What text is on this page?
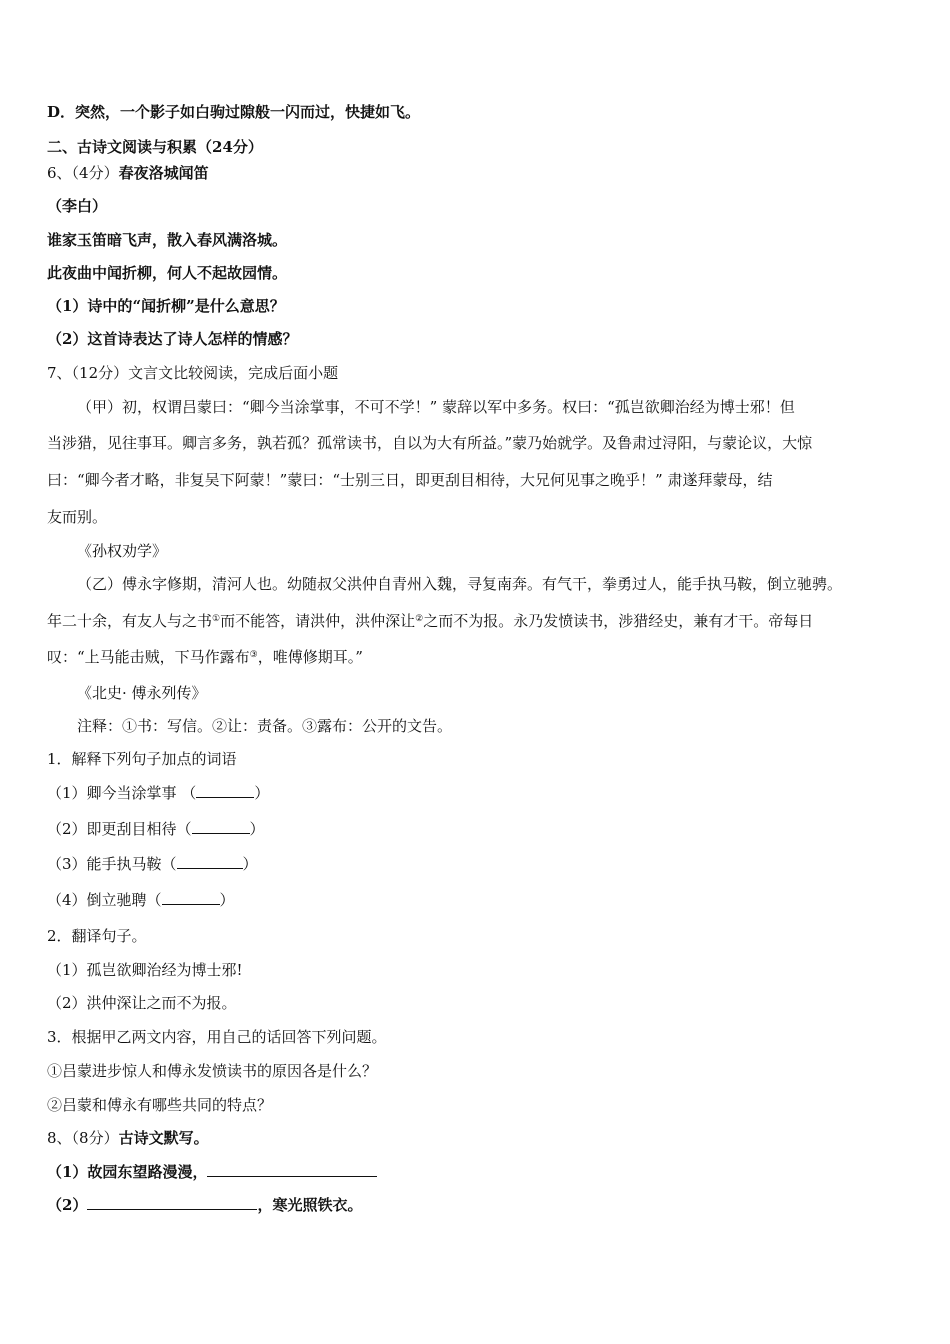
D．突然，一个影子如白驹过隙般一闪而过，快捷如飞。
二、古诗文阅读与积累（24分）
6、（4分）春夜洛城闻笛
（李白）
谁家玉笛暗飞声，散入春风满洛城。
此夜曲中闻折柳，何人不起故园情。
（1）诗中的“闻折柳”是什么意思？
（2）这首诗表达了诗人怎样的情感？
7、（12分）文言文比较阅读，完成后面小题
（甲）初，权谓吕蒙曰：“卿今当涂掌事，不可不学！” 蒙辞以军中多务。权曰：“孤岂欲卿治经为博士邪！但
当涉猎，见往事耳。卿言多务，孰若孤？孤常读书，自以为大有所益。”蒙乃始就学。及鲁肃过浔阳，与蒙论议，大惊
曰：“卿今者才略，非复吴下阿蒙！”蒙曰：“士别三日，即更刮目相待，大兄何见事之晚乎！” 肃遂拜蒙母，结
友而别。
《孙权劝学》
（乙）傅永字修期，清河人也。幼随叔父洪仲自青州入魏，寻复南奔。有气干，拳勇过人，能手执马鞍，倒立驰骋。
年二十余，有友人与之书①而不能答，请洪仲，洪仲深让②之而不为报。永乃发愤读书，涉猎经史，兼有才干。帝每日
叹：“上马能击贼，下马作露布③，唯傅修期耳。”
《北史· 傅永列传》
注释：①书：写信。②让：责备。③露布：公开的文告。
1．解释下列句子加点的词语
（1）卿今当涂掌事 （	）
（2）即更刮目相待（	）
（3）能手执马鞍（	）
（4）倒立驰聘（	）
2．翻译句子。
（1）孤岂欲卿治经为博士邪!
（2）洪仲深让之而不为报。
3．根据甲乙两文内容，用自己的话回答下列问题。
①吕蒙进步惊人和傅永发愤读书的原因各是什么？
②吕蒙和傅永有哪些共同的特点？
8、（8分）古诗文默写。
（1）故园东望路漫漫，
（2）	，寒光照铁衣。
